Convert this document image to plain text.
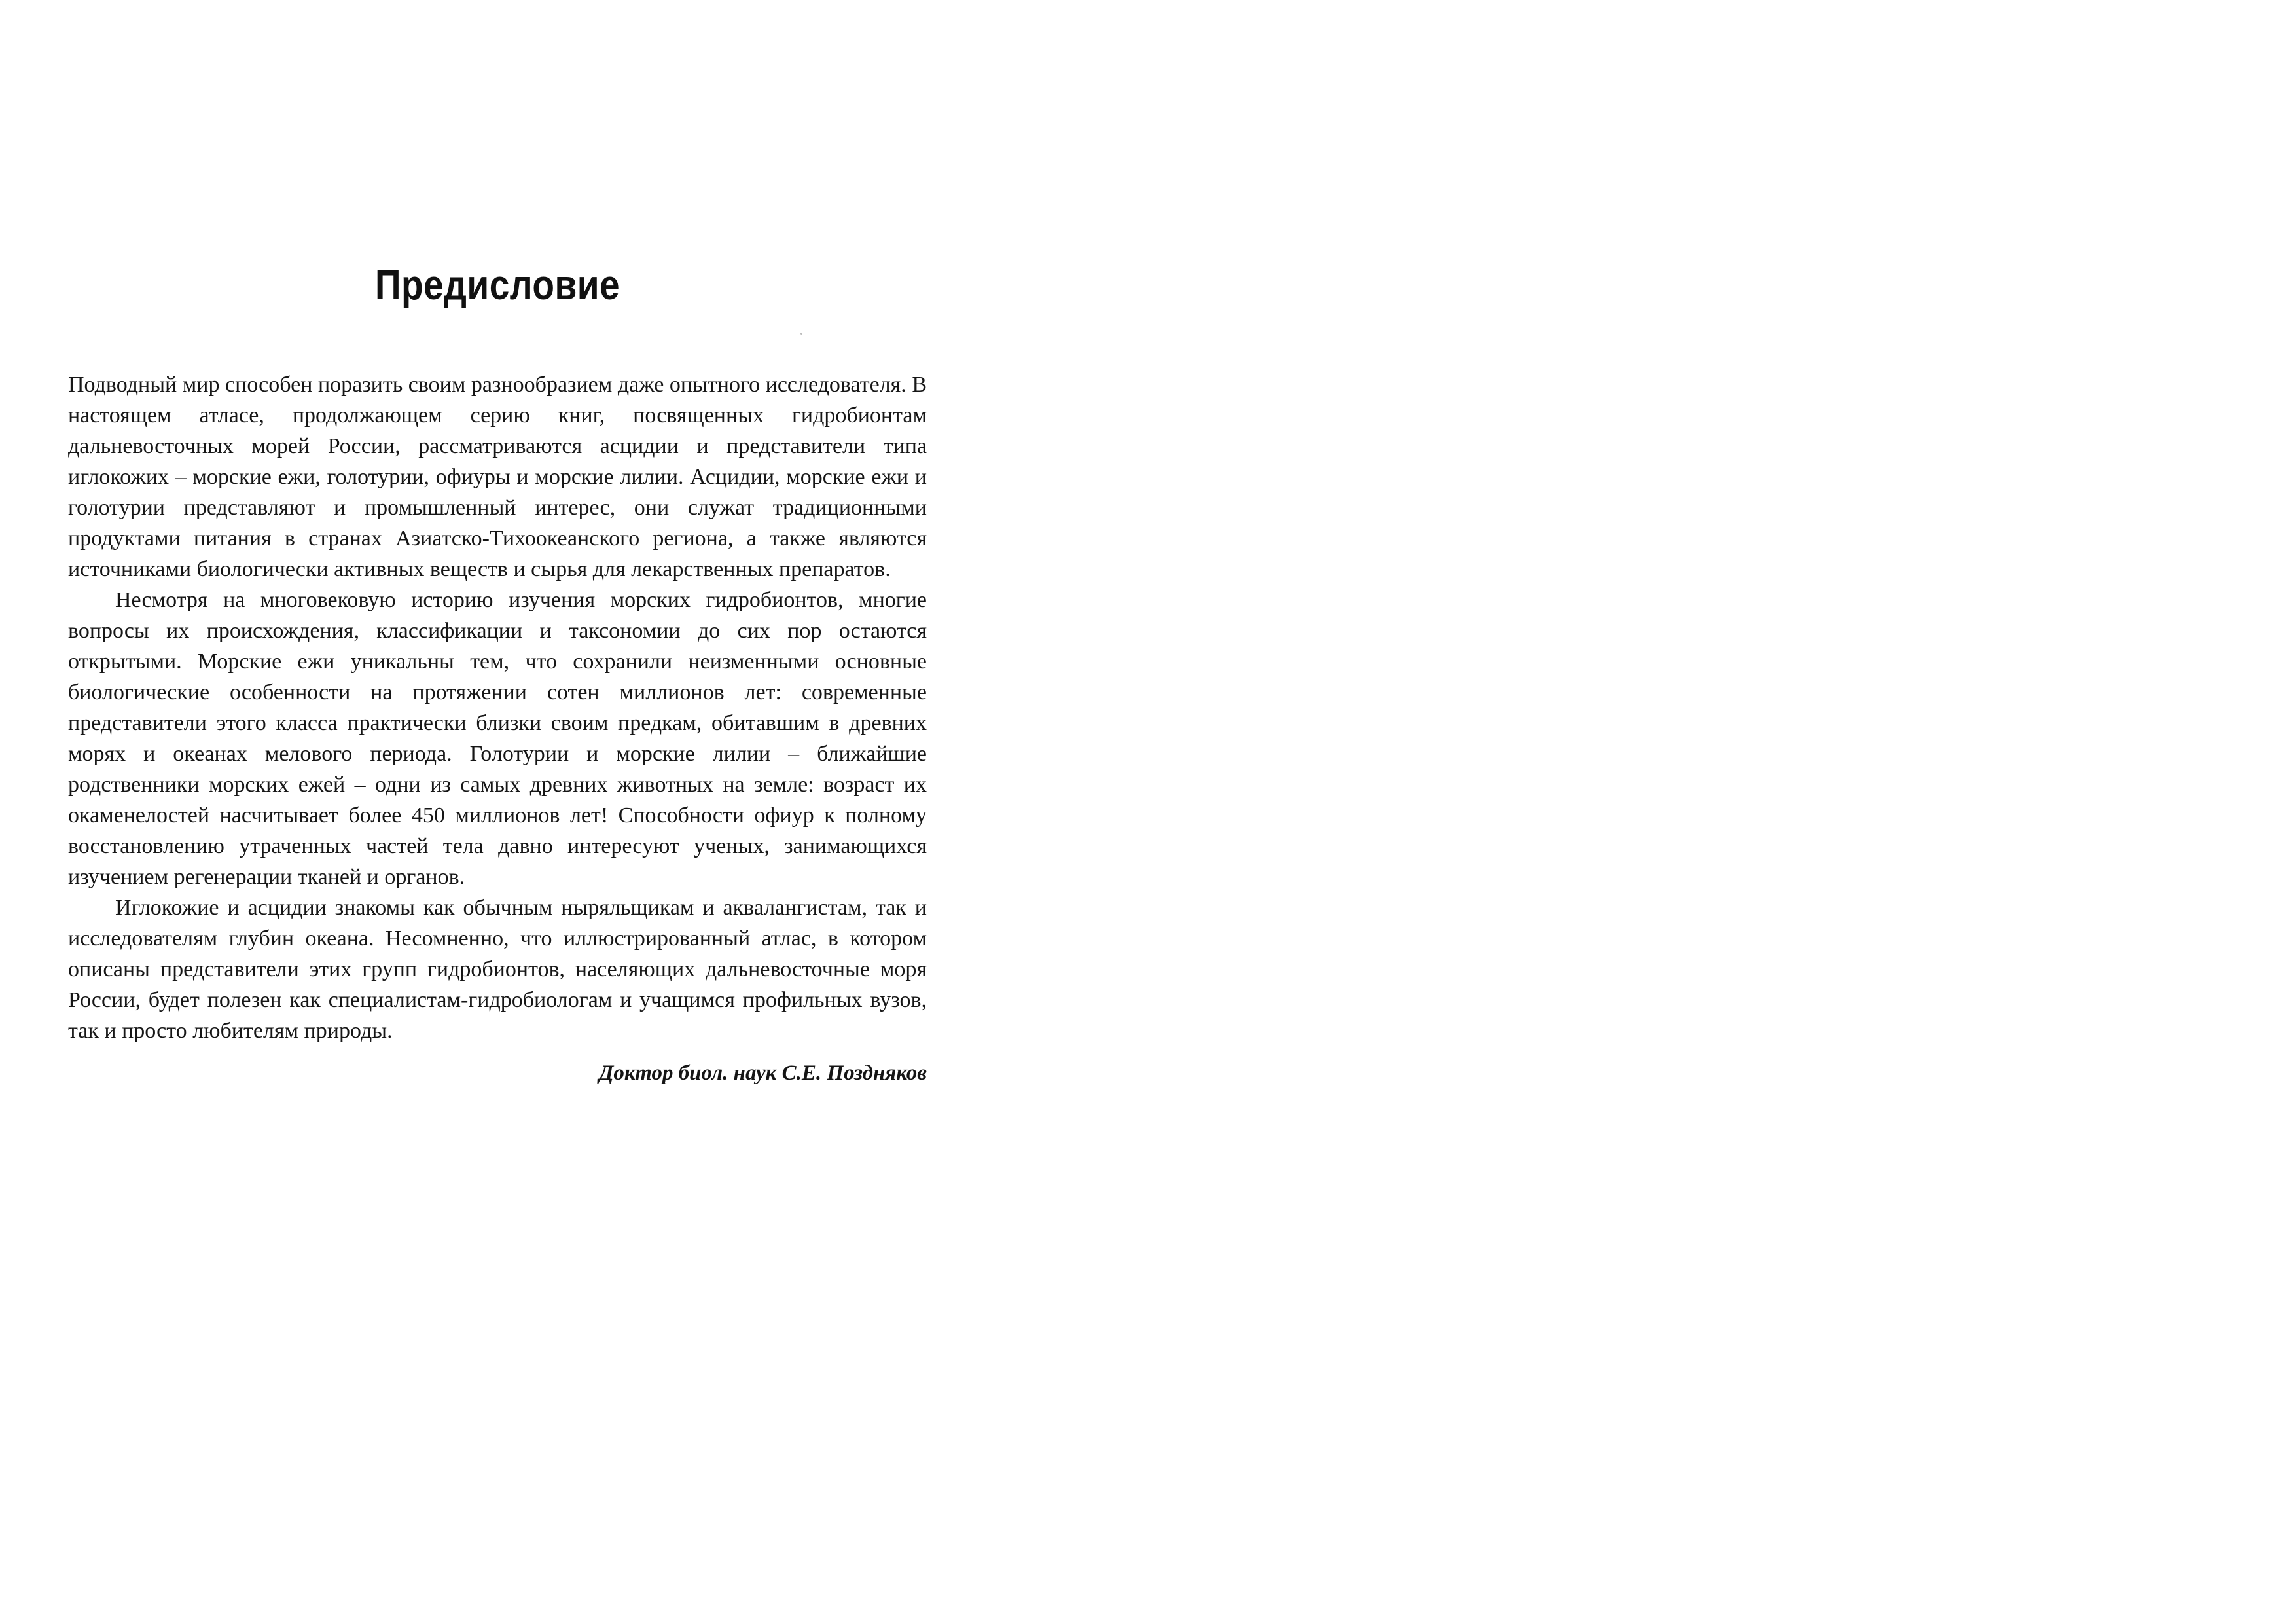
Предисловие

Подводный мир способен поразить своим разнообразием даже опытного исследователя. В настоящем атласе, продолжающем серию книг, посвященных гидробионтам дальневосточных морей России, рассматриваются асцидии и представители типа иглокожих – морские ежи, голотурии, офиуры и морские лилии. Асцидии, морские ежи и голотурии представляют и промышленный интерес, они служат традиционными продуктами питания в странах Азиатско-Тихоокеанского региона, а также являются источниками биологически активных веществ и сырья для лекарственных препаратов.

Несмотря на многовековую историю изучения морских гидробионтов, многие вопросы их происхождения, классификации и таксономии до сих пор остаются открытыми. Морские ежи уникальны тем, что сохранили неизменными основные биологические особенности на протяжении сотен миллионов лет: современные представители этого класса практически близки своим предкам, обитавшим в древних морях и океанах мелового периода. Голотурии и морские лилии – ближайшие родственники морских ежей – одни из самых древних животных на земле: возраст их окаменелостей насчитывает более 450 миллионов лет! Способности офиур к полному восстановлению утраченных частей тела давно интересуют ученых, занимающихся изучением регенерации тканей и органов.

Иглокожие и асцидии знакомы как обычным ныряльщикам и аквалангистам, так и исследователям глубин океана. Несомненно, что иллюстрированный атлас, в котором описаны представители этих групп гидробионтов, населяющих дальневосточные моря России, будет полезен как специалистам-гидробиологам и учащимся профильных вузов, так и просто любителям природы.

Доктор биол. наук С.Е. Поздняков
